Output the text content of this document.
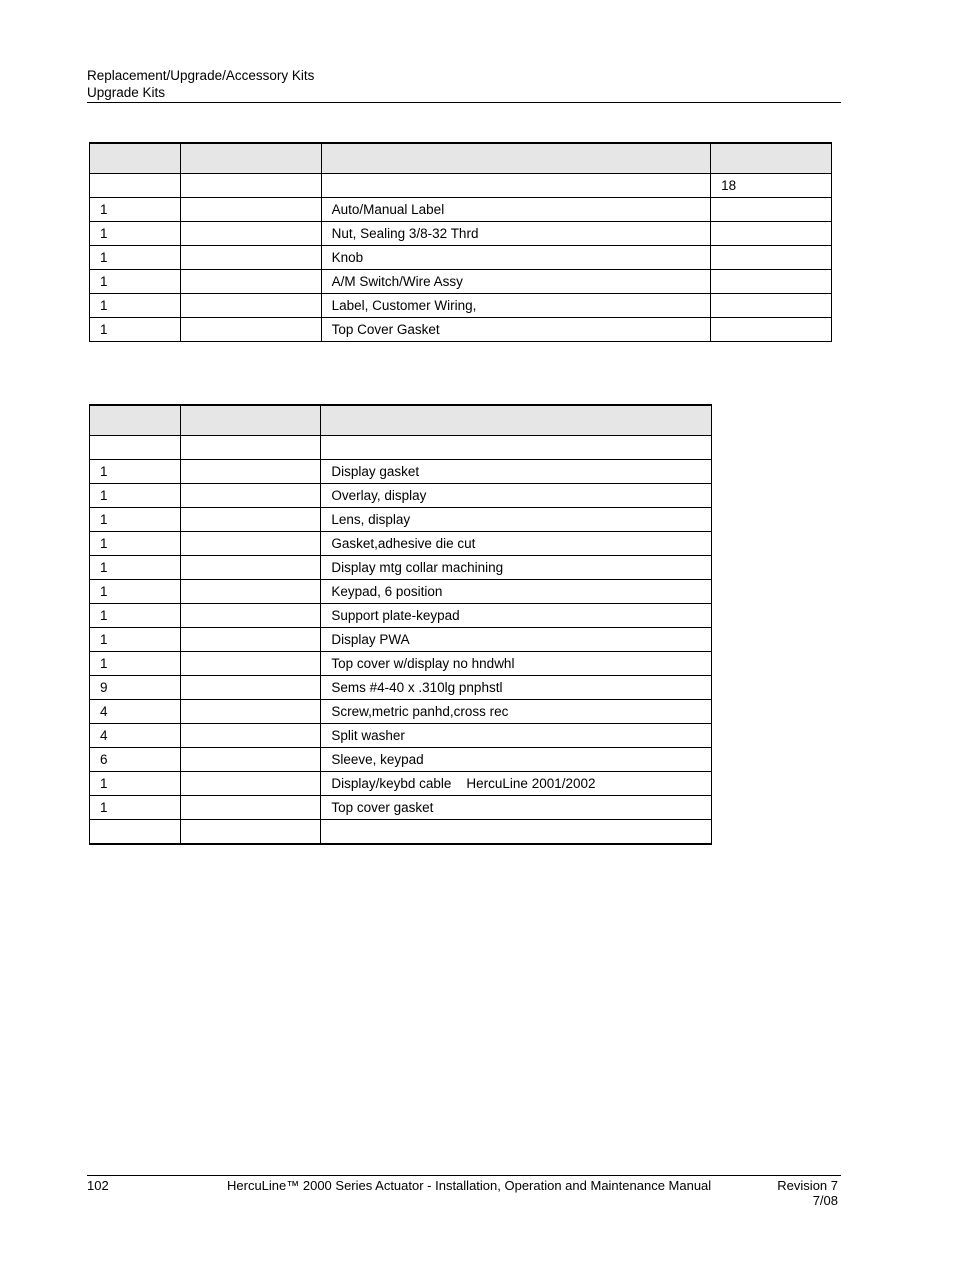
Replacement/Upgrade/Accessory Kits
Upgrade Kits

			18
1		Auto/Manual Label	
1		Nut, Sealing 3/8-32 Thrd	
1		Knob	
1		A/M Switch/Wire Assy	
1		Label, Customer Wiring,	
1		Top Cover Gasket	

1		Display gasket
1		Overlay, display
1		Lens, display
1		Gasket,adhesive die cut
1		Display mtg collar machining
1		Keypad, 6 position
1		Support plate-keypad
1		Display PWA
1		Top cover w/display no hndwhl
9		Sems #4-40 x .310lg pnphstl
4		Screw,metric panhd,cross rec
4		Split washer
6		Sleeve, keypad
1		Display/keybd cable    HercuLine 2001/2002
1		Top cover gasket

102	HercuLine™ 2000 Series Actuator - Installation, Operation and Maintenance Manual	Revision 7
7/08
